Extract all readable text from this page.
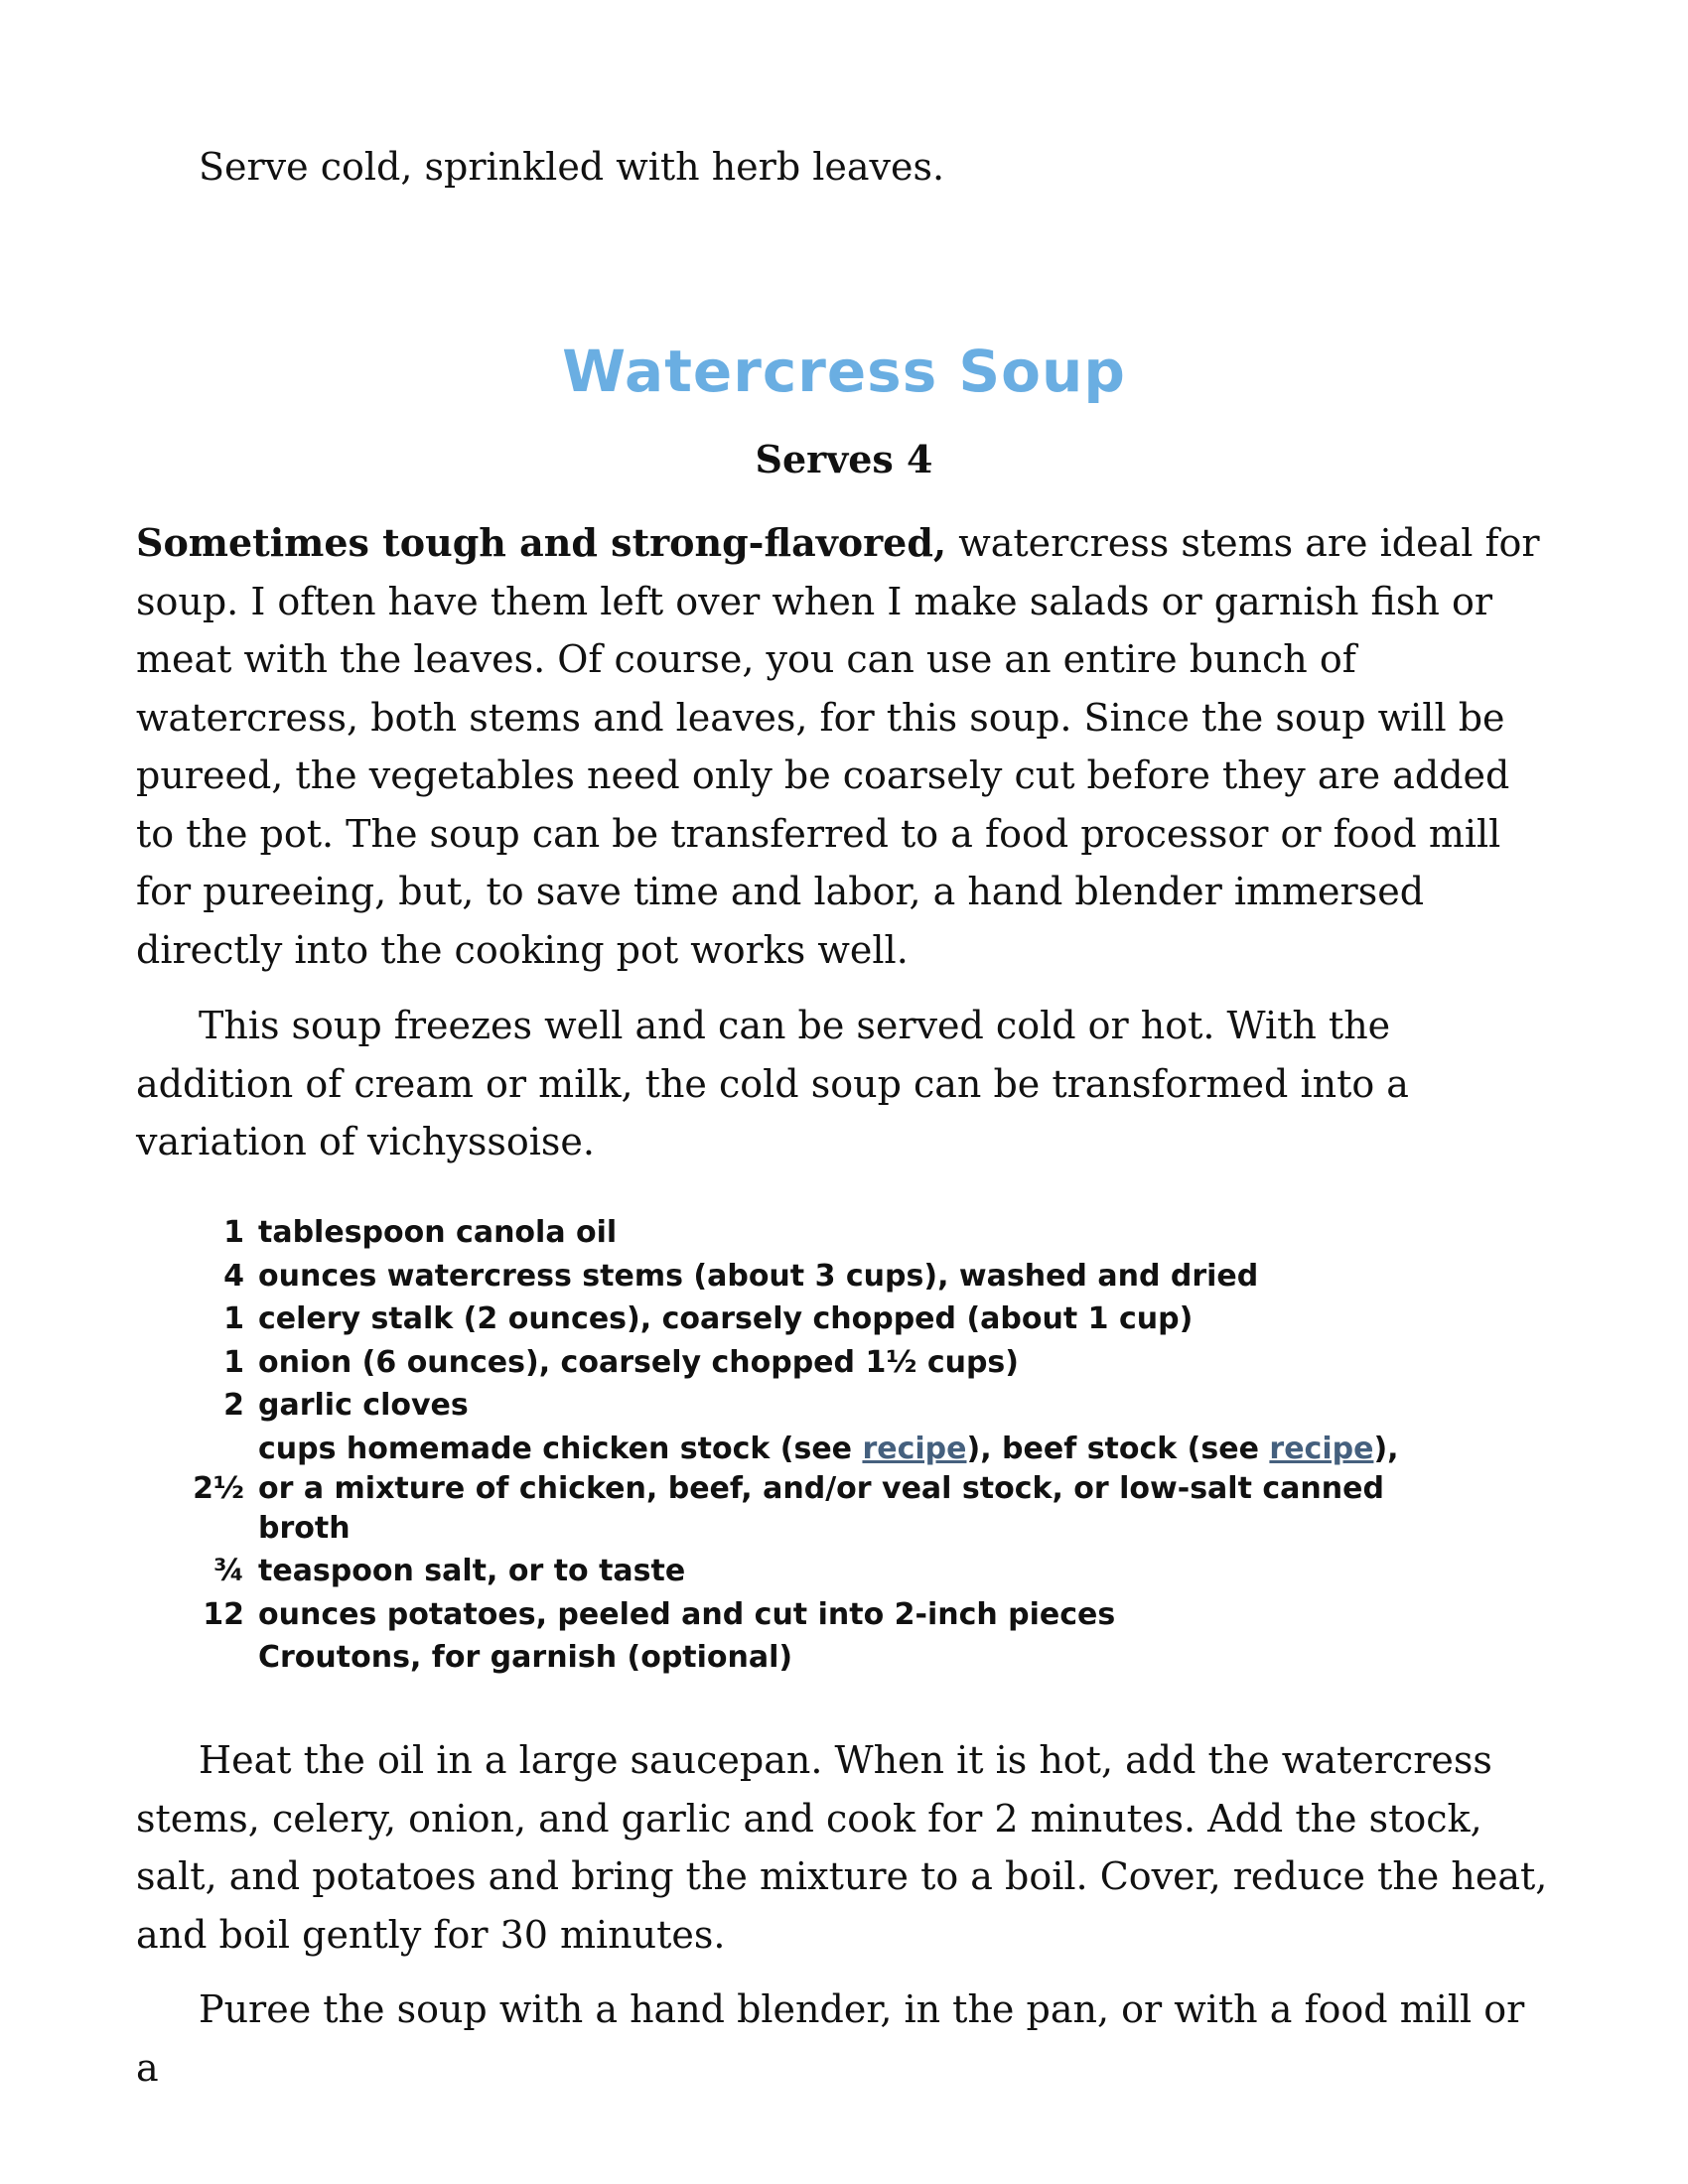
Serve cold, sprinkled with herb leaves.
Watercress Soup
Serves 4

Sometimes tough and strong-flavored, watercress stems are ideal for soup. I often have them left over when I make salads or garnish fish or meat with the leaves. Of course, you can use an entire bunch of watercress, both stems and leaves, for this soup. Since the soup will be pureed, the vegetables need only be coarsely cut before they are added to the pot. The soup can be transferred to a food processor or food mill for pureeing, but, to save time and labor, a hand blender immersed directly into the cooking pot works well.

This soup freezes well and can be served cold or hot. With the addition of cream or milk, the cold soup can be transformed into a variation of vichyssoise.

1 tablespoon canola oil
4 ounces watercress stems (about 3 cups), washed and dried
1 celery stalk (2 ounces), coarsely chopped (about 1 cup)
1 onion (6 ounces), coarsely chopped 1½ cups)
2 garlic cloves
2½
cups homemade chicken stock (see recipe), beef stock (see recipe), or a mixture of chicken, beef, and/or veal stock, or low-salt canned broth
¾ teaspoon salt, or to taste
12 ounces potatoes, peeled and cut into 2-inch pieces
Croutons, for garnish (optional)

Heat the oil in a large saucepan. When it is hot, add the watercress stems, celery, onion, and garlic and cook for 2 minutes. Add the stock, salt, and potatoes and bring the mixture to a boil. Cover, reduce the heat, and boil gently for 30 minutes.

Puree the soup with a hand blender, in the pan, or with a food mill or a
